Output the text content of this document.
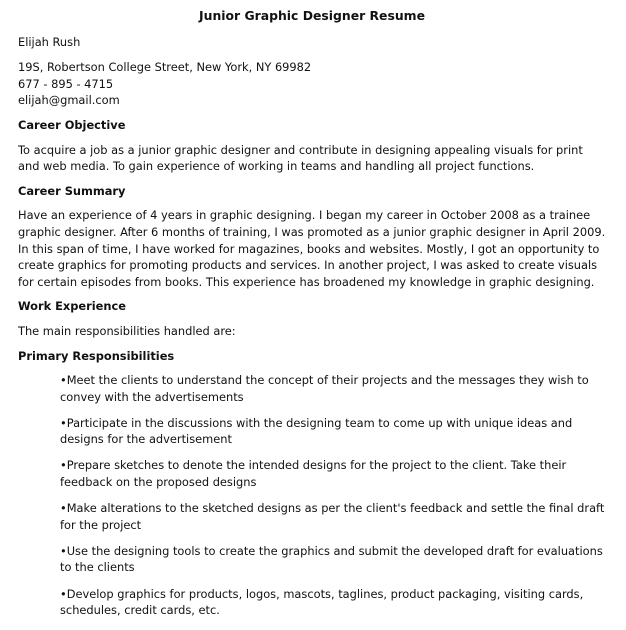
Junior Graphic Designer Resume
Elijah Rush
19S, Robertson College Street, New York, NY 69982
677 - 895 - 4715
elijah@gmail.com
Career Objective

To acquire a job as a junior graphic designer and contribute in designing appealing visuals for print and web media. To gain experience of working in teams and handling all project functions.

Career Summary

Have an experience of 4 years in graphic designing. I began my career in October 2008 as a trainee graphic designer. After 6 months of training, I was promoted as a junior graphic designer in April 2009. In this span of time, I have worked for magazines, books and websites. Mostly, I got an opportunity to create graphics for promoting products and services. In another project, I was asked to create visuals for certain episodes from books. This experience has broadened my knowledge in graphic designing.

Work Experience

The main responsibilities handled are:

Primary Responsibilities
•Meet the clients to understand the concept of their projects and the messages they wish to convey with the advertisements
•Participate in the discussions with the designing team to come up with unique ideas and designs for the advertisement
•Prepare sketches to denote the intended designs for the project to the client. Take their feedback on the proposed designs
•Make alterations to the sketched designs as per the client's feedback and settle the final draft for the project
•Use the designing tools to create the graphics and submit the developed draft for evaluations to the clients
•Develop graphics for products, logos, mascots, taglines, product packaging, visiting cards, schedules, credit cards, etc.
